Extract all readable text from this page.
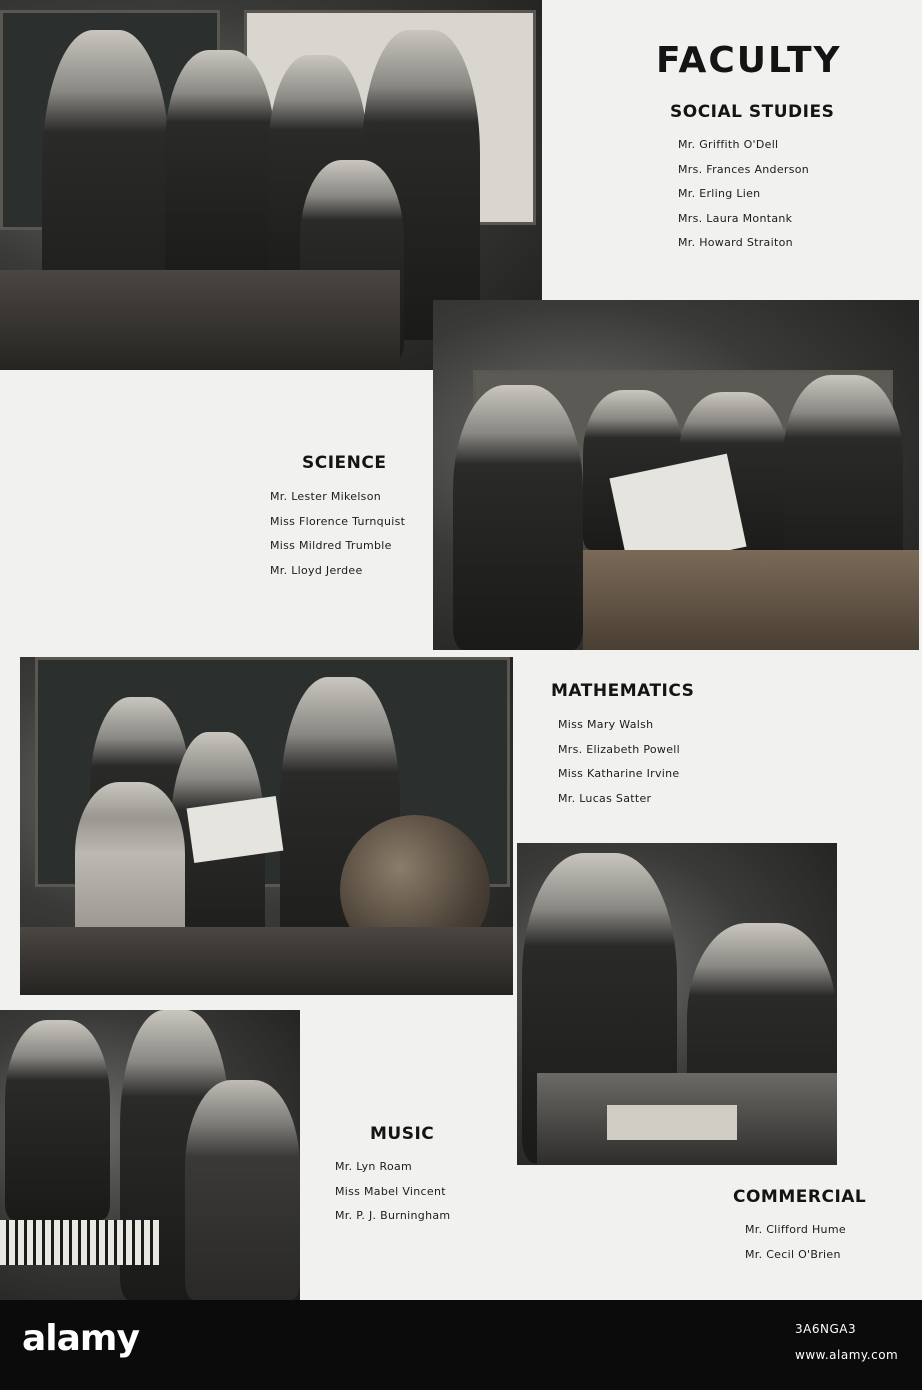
FACULTY
SOCIAL STUDIES
Mr. Griffith O'Dell
Mrs. Frances Anderson
Mr. Erling Lien
Mrs. Laura Montank
Mr. Howard Straiton
SCIENCE
Mr. Lester Mikelson
Miss Florence Turnquist
Miss Mildred Trumble
Mr. Lloyd Jerdee
MATHEMATICS
Miss Mary Walsh
Mrs. Elizabeth Powell
Miss Katharine Irvine
Mr. Lucas Satter
MUSIC
Mr. Lyn Roam
Miss Mabel Vincent
Mr. P. J. Burningham
COMMERCIAL
Mr. Clifford Hume
Mr. Cecil O'Brien
alamy	3A6NGA3
www.alamy.com
